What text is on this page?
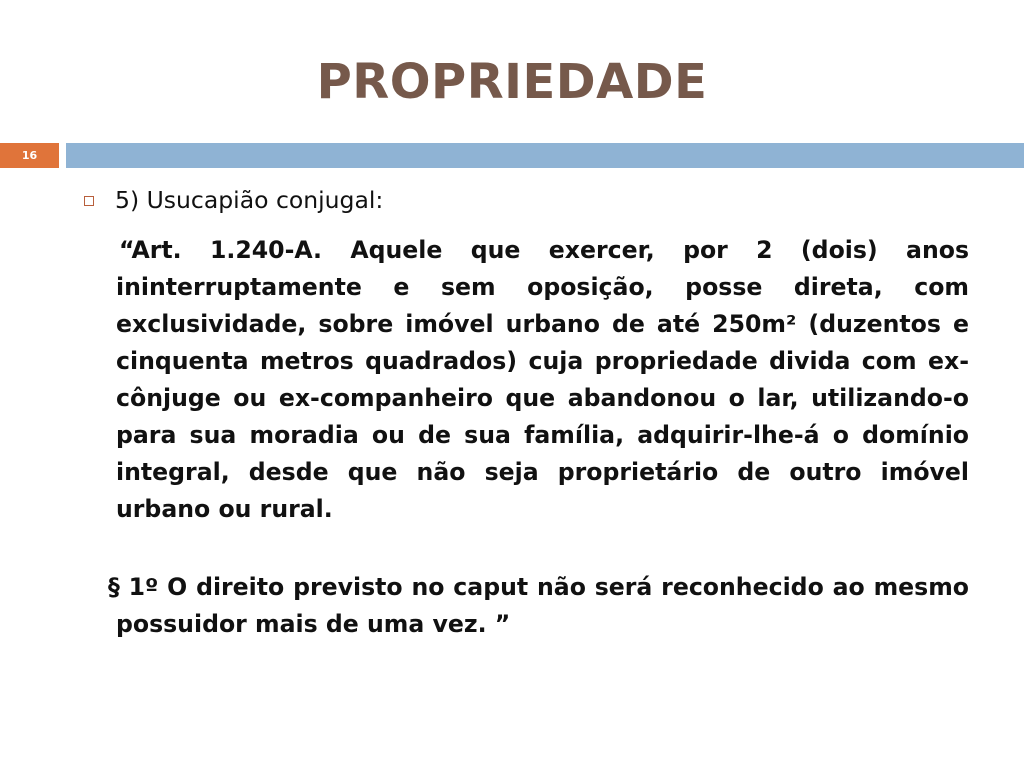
PROPRIEDADE
16
5) Usucapião conjugal:
“Art. 1.240-A. Aquele que exercer, por 2 (dois) anos ininterruptamente e sem oposição, posse direta, com exclusividade, sobre imóvel urbano de até 250m² (duzentos e cinquenta metros quadrados) cuja propriedade divida com ex-cônjuge ou ex-companheiro que abandonou o lar, utilizando-o para sua moradia ou de sua família, adquirir-lhe-á o domínio integral, desde que não seja proprietário de outro imóvel urbano ou rural.
§ 1º O direito previsto no caput não será reconhecido ao mesmo possuidor mais de uma vez. ”
